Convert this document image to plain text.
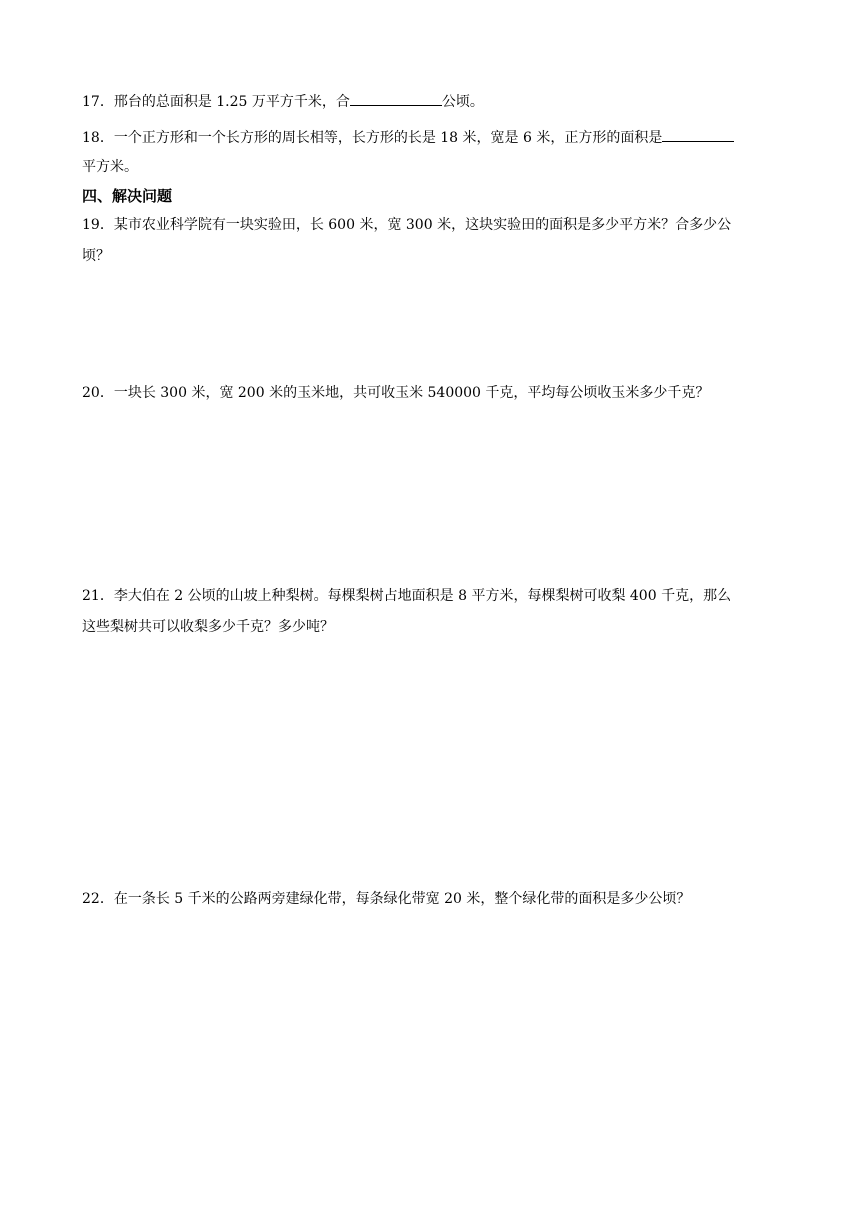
17．邢台的总面积是 1.25 万平方千米，合	公顷。
18．一个正方形和一个长方形的周长相等，长方形的长是 18 米，宽是 6 米，正方形的面积是
平方米。
四、解决问题
19．某市农业科学院有一块实验田，长 600 米，宽 300 米，这块实验田的面积是多少平方米？合多少公
顷？
20．一块长 300 米，宽 200 米的玉米地，共可收玉米 540000 千克，平均每公顷收玉米多少千克？
21．李大伯在 2 公顷的山坡上种梨树。每棵梨树占地面积是 8 平方米，每棵梨树可收梨 400 千克，那么
这些梨树共可以收梨多少千克？多少吨？
22．在一条长 5 千米的公路两旁建绿化带，每条绿化带宽 20 米，整个绿化带的面积是多少公顷？
